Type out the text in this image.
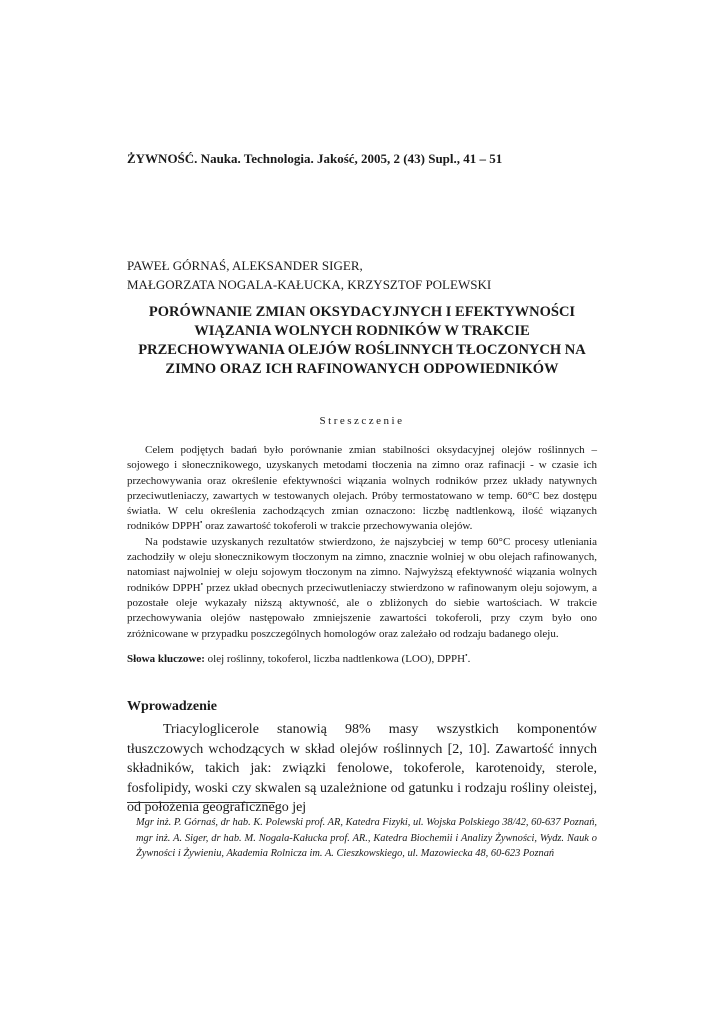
ŻYWNOŚĆ. Nauka. Technologia. Jakość, 2005, 2 (43) Supl., 41 – 51
PAWEŁ GÓRNAŚ, ALEKSANDER SIGER,
MAŁGORZATA NOGALA-KAŁUCKA, KRZYSZTOF POLEWSKI
PORÓWNANIE ZMIAN OKSYDACYJNYCH I EFEKTYWNOŚCI
WIĄZANIA WOLNYCH RODNIKÓW W TRAKCIE
PRZECHOWYWANIA OLEJÓW ROŚLINNYCH TŁOCZONYCH NA
ZIMNO ORAZ ICH RAFINOWANYCH ODPOWIEDNIKÓW
Streszczenie

Celem podjętych badań było porównanie zmian stabilności oksydacyjnej olejów roślinnych – sojowego i słonecznikowego, uzyskanych metodami tłoczenia na zimno oraz rafinacji - w czasie ich przechowywania oraz określenie efektywności wiązania wolnych rodników przez układy natywnych przeciwutleniaczy, zawartych w testowanych olejach. Próby termostatowano w temp. 60°C bez dostępu światła. W celu określenia zachodzących zmian oznaczono: liczbę nadtlenkową, ilość wiązanych rodników DPPH• oraz zawartość tokoferoli w trakcie przechowywania olejów.

Na podstawie uzyskanych rezultatów stwierdzono, że najszybciej w temp 60°C procesy utleniania zachodziły w oleju słonecznikowym tłoczonym na zimno, znacznie wolniej w obu olejach rafinowanych, natomiast najwolniej w oleju sojowym tłoczonym na zimno. Najwyższą efektywność wiązania wolnych rodników DPPH• przez układ obecnych przeciwutleniaczy stwierdzono w rafinowanym oleju sojowym, a pozostałe oleje wykazały niższą aktywność, ale o zbliżonych do siebie wartościach. W trakcie przechowywania olejów następowało zmniejszenie zawartości tokoferoli, przy czym było ono zróżnicowane w przypadku poszczególnych homologów oraz zależało od rodzaju badanego oleju.

Słowa kluczowe: olej roślinny, tokoferol, liczba nadtlenkowa (LOO), DPPH•.
Wprowadzenie

Triacyloglicerole stanowią 98% masy wszystkich komponentów tłuszczowych wchodzących w skład olejów roślinnych [2, 10]. Zawartość innych składników, takich jak: związki fenolowe, tokoferole, karotenoidy, sterole, fosfolipidy, woski czy skwalen są uzależnione od gatunku i rodzaju rośliny oleistej, od położenia geograficznego jej

Mgr inż. P. Górnaś, dr hab. K. Polewski prof. AR, Katedra Fizyki, ul. Wojska Polskiego 38/42, 60-637 Poznań, mgr inż. A. Siger, dr hab. M. Nogala-Kałucka prof. AR., Katedra Biochemii i Analizy Żywności, Wydz. Nauk o Żywności i Żywieniu, Akademia Rolnicza im. A. Cieszkowskiego, ul. Mazowiecka 48, 60-623 Poznań
